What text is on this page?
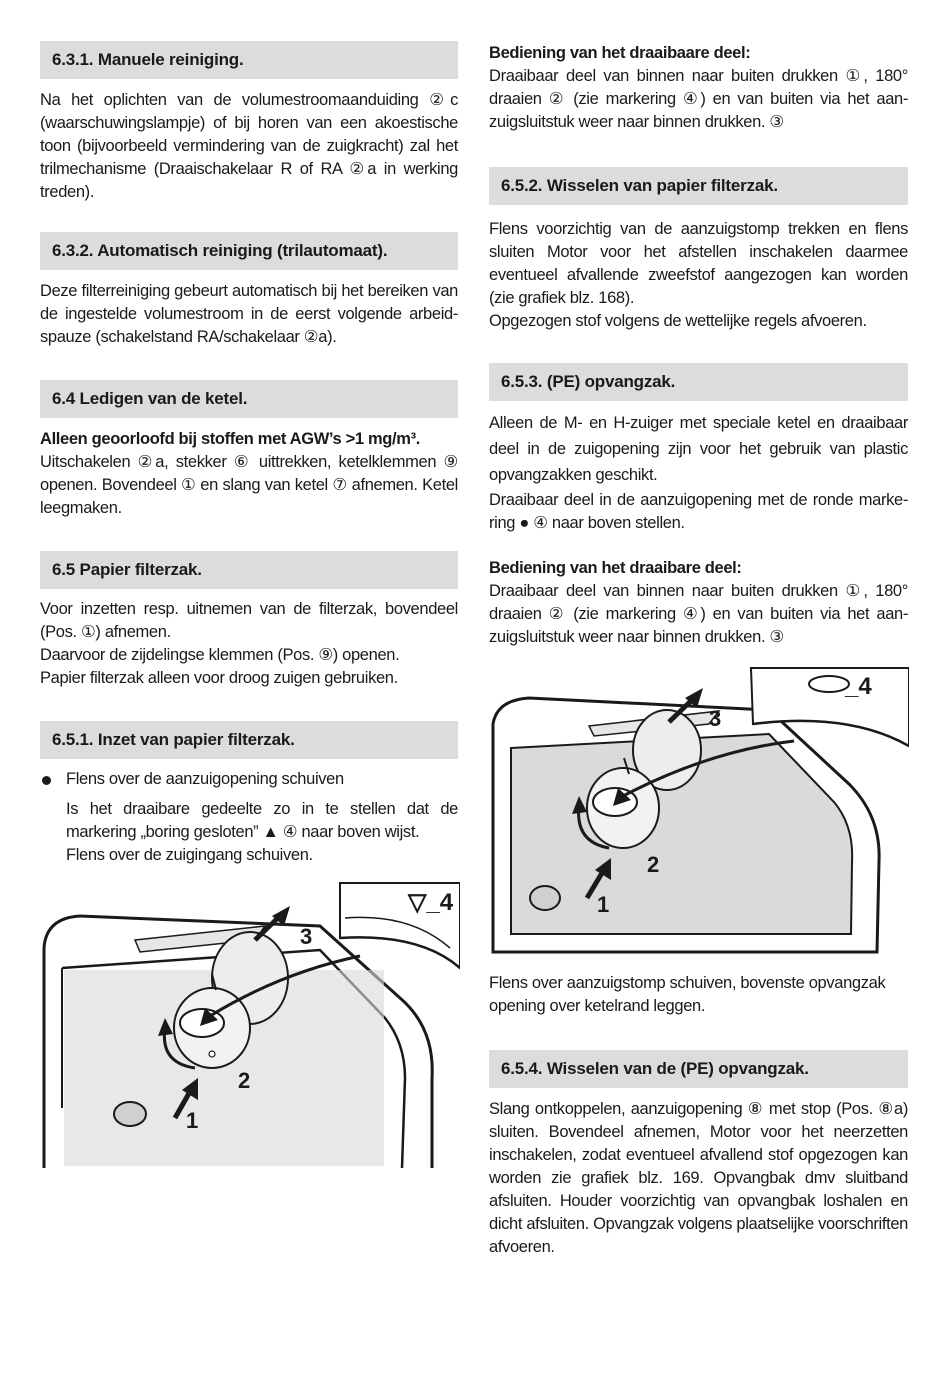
6.3.1. Manuele reiniging.
Na het oplichten van de volumestroomaanduiding ②c (waarschuwingslampje) of bij horen van een akoestische toon (bijvoorbeeld vermindering van de zuigkracht) zal het trilmechanisme (Draaischakelaar R of RA ②a in werking treden).
6.3.2. Automatisch reiniging (trilautomaat).
Deze filterreiniging gebeurt automatisch bij het bereiken van de ingestelde volumestroom in de eerst volgende arbeid-spauze (schakelstand RA/schakelaar ②a).
6.4 Ledigen van de ketel.
Alleen geoorloofd bij stoffen met AGW’s >1 mg/m³.
Uitschakelen ②a, stekker ⑥ uittrekken, ketelklemmen ⑨ openen. Bovendeel ① en slang van ketel ⑦ afnemen. Ketel leegmaken.
6.5 Papier filterzak.
Voor inzetten resp. uitnemen van de filterzak, bovendeel (Pos. ①) afnemen.
Daarvoor de zijdelingse klemmen (Pos. ⑨) openen.
Papier filterzak alleen voor droog zuigen gebruiken.
6.5.1. Inzet van papier filterzak.
Flens over de aanzuigopening schuiven
Is het draaibare gedeelte zo in te stellen dat de markering „boring gesloten” ▲ ④ naar boven wijst.
Flens over de zuigingang schuiven.
▽_4
3
2
1
Bediening van het draaibaare deel:
Draaibaar deel van binnen naar buiten drukken ①, 180° draaien ② (zie markering ④) en van buiten via het aan-zuigsluitstuk weer naar binnen drukken. ③
6.5.2. Wisselen van papier filterzak.
Flens voorzichtig van de aanzuigstomp trekken en flens sluiten Motor voor het afstellen inschakelen daarmee eventueel afvallende zweefstof aangezogen kan worden (zie grafiek blz. 168).
Opgezogen stof volgens de wettelijke regels afvoeren.
6.5.3. (PE) opvangzak.
Alleen de M- en H-zuiger met speciale ketel en draaibaar deel in de zuigopening zijn voor het gebruik van plastic opvangzakken geschikt.
Draaibaar deel in de aanzuigopening met de ronde marke-ring ● ④ naar boven stellen.
Bediening van het draaibare deel:
Draaibaar deel van binnen naar buiten drukken ①, 180° draaien ② (zie markering ④) en van buiten via het aan-zuigsluitstuk weer naar binnen drukken. ③
_4
3
2
1
Flens over aanzuigstomp schuiven, bovenste opvangzak opening over ketelrand leggen.
6.5.4. Wisselen van de (PE) opvangzak.
Slang ontkoppelen, aanzuigopening ⑧ met stop (Pos. ⑧a) sluiten. Bovendeel afnemen, Motor voor het neerzetten inschakelen, zodat eventueel afvallend stof opgezogen kan worden zie grafiek blz. 169. Opvangbak dmv sluitband afsluiten. Houder voorzichtig van opvangbak loshalen en dicht afsluiten. Opvangzak volgens plaatselijke voorschriften afvoeren.
